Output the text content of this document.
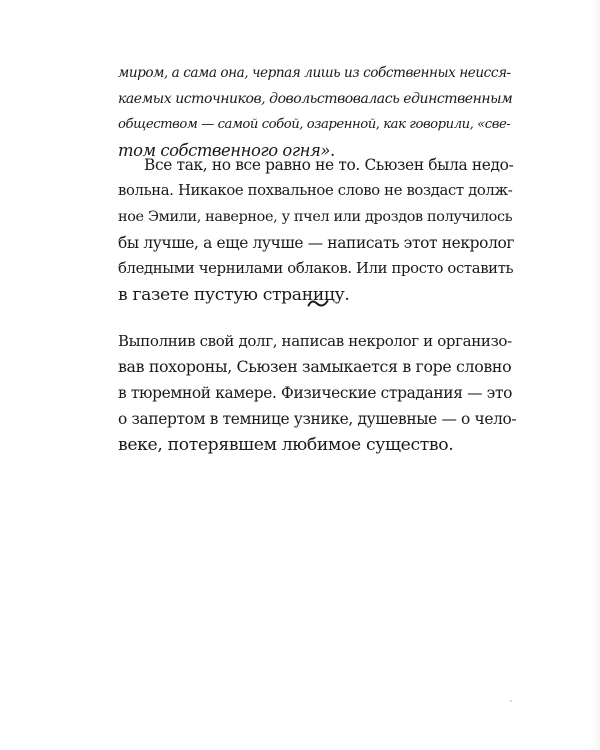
миром, а сама она, черпая лишь из собственных неисся-
каемых источников, довольствовалась единственным
обществом — самой собой, озаренной, как говорили, «све-
том собственного огня».
Все так, но все равно не то. Сьюзен была недо-
вольна. Никакое похвальное слово не воздаст долж-
ное Эмили, наверное, у пчел или дроздов получилось
бы лучше, а еще лучше — написать этот некролог
бледными чернилами облаков. Или просто оставить
в газете пустую страницу.
Выполнив свой долг, написав некролог и организо-
вав похороны, Сьюзен замыкается в горе словно
в тюремной камере. Физические страдания — это
о запертом в темнице узнике, душевные — о чело-
веке, потерявшем любимое существо.
